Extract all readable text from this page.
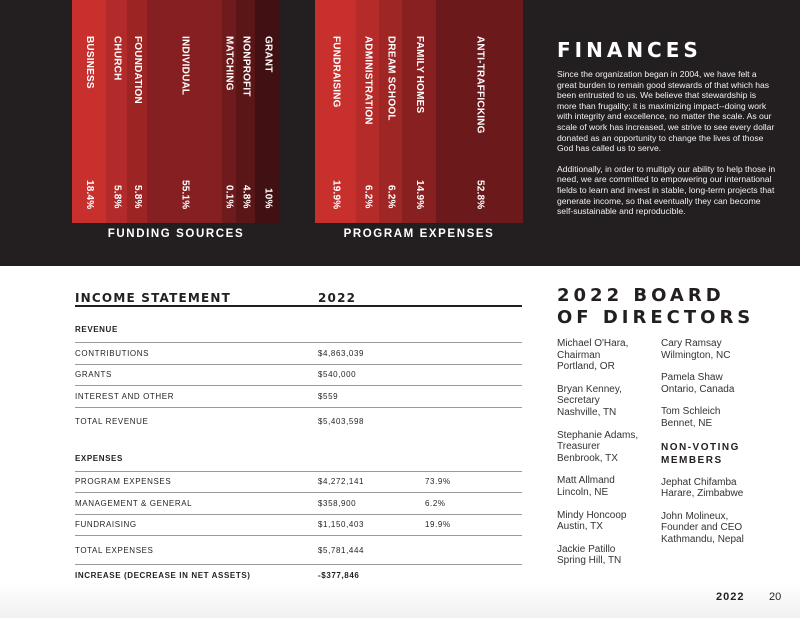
BUSINESS
18.4%
CHURCH
5.8%
FOUNDATION
5.8%
INDIVIDUAL
55.1%
MATCHING
0.1%
NONPROFIT
4.8%
GRANT
10%
FUNDING SOURCES
FUNDRAISING
19.9%
ADMINISTRATION
6.2%
DREAM SCHOOL
6.2%
FAMILY HOMES
14.9%
ANTI-TRAFFICKING
52.8%
PROGRAM EXPENSES
FINANCES

Since the organization began in 2004, we have felt a great burden to remain good stewards of that which has been entrusted to us. We believe that stewardship is more than frugality; it is maximizing impact--doing work with integrity and excellence, no matter the scale. As our scale of work has increased, we strive to see every dollar donated as an opportunity to change the lives of those God has called us to serve.

Additionally, in order to multiply our ability to help those in need, we are committed to empowering our international fields to learn and invest in stable, long-term projects that generate income, so that eventually they can become self-sustainable and reproducible.

INCOME STATEMENT	2022
REVENUE
CONTRIBUTIONS	$4,863,039
GRANTS	$540,000
INTEREST AND OTHER	$559
TOTAL REVENUE	$5,403,598
EXPENSES
PROGRAM EXPENSES	$4,272,141	73.9%
MANAGEMENT & GENERAL	$358,900	6.2%
FUNDRAISING	$1,150,403	19.9%
TOTAL EXPENSES	$5,781,444
INCREASE (DECREASE IN NET ASSETS)	-$377,846
2022 BOARD
OF DIRECTORS
Michael O'Hara,
Chairman
Portland, OR
Bryan Kenney,
Secretary
Nashville, TN
Stephanie Adams,
Treasurer
Benbrook, TX
Matt Allmand
Lincoln, NE
Mindy Honcoop
Austin, TX
Jackie Patillo
Spring Hill, TN
Cary Ramsay
Wilmington, NC
Pamela Shaw
Ontario, Canada
Tom Schleich
Bennet, NE
NON-VOTING MEMBERS
Jephat Chifamba
Harare, Zimbabwe
John Molineux,
Founder and CEO
Kathmandu, Nepal
2022 20
